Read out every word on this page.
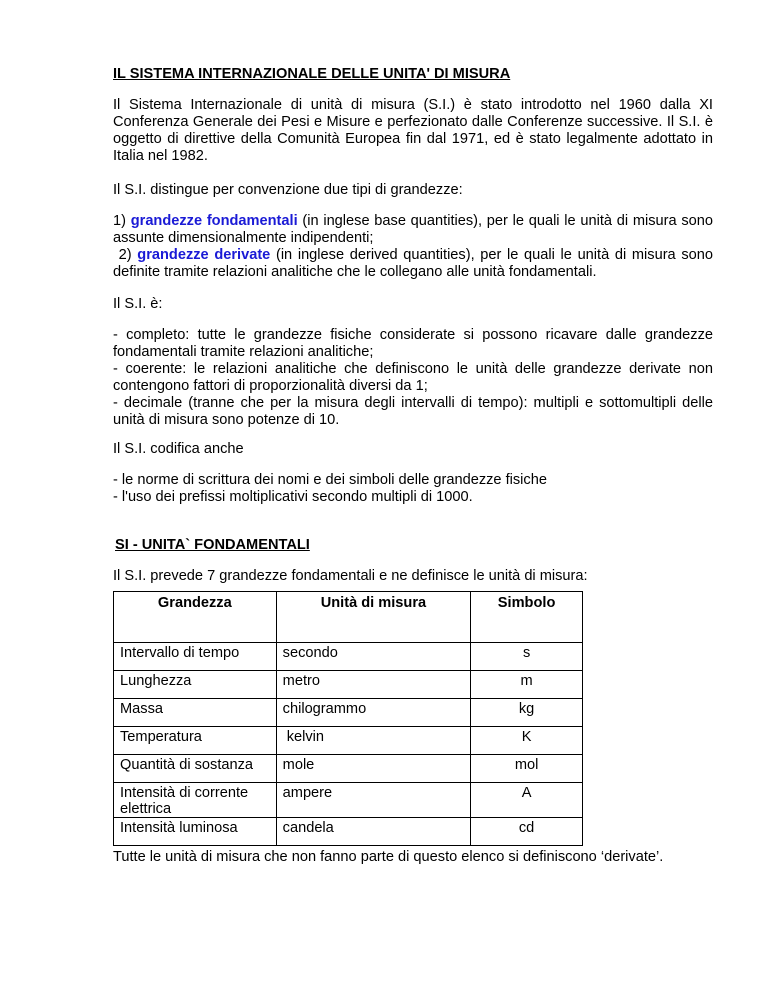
IL SISTEMA INTERNAZIONALE DELLE UNITA' DI MISURA

Il Sistema Internazionale di unità di misura (S.I.) è stato introdotto nel 1960 dalla XI Conferenza Generale dei Pesi e Misure e perfezionato dalle Conferenze successive. Il S.I. è oggetto di direttive della Comunità Europea fin dal 1971, ed è stato legalmente adottato in Italia nel 1982.

Il S.I. distingue per convenzione due tipi di grandezze:

1) grandezze fondamentali (in inglese base quantities), per le quali le unità di misura sono assunte dimensionalmente indipendenti;

2) grandezze derivate (in inglese derived quantities), per le quali le unità di misura sono definite tramite relazioni analitiche che le collegano alle unità fondamentali.

Il S.I. è:

- completo: tutte le grandezze fisiche considerate si possono ricavare dalle grandezze fondamentali tramite relazioni analitiche;
- coerente: le relazioni analitiche che definiscono le unità delle grandezze derivate non contengono fattori di proporzionalità diversi da 1;
- decimale (tranne che per la misura degli intervalli di tempo): multipli e sottomultipli delle unità di misura sono potenze di 10.

Il S.I. codifica anche

- le norme di scrittura dei nomi e dei simboli delle grandezze fisiche
- l'uso dei prefissi moltiplicativi secondo multipli di 1000.

SI - UNITA` FONDAMENTALI

Il S.I. prevede 7 grandezze fondamentali e ne definisce le unità di misura:

Grandezza	Unità di misura	Simbolo
Intervallo di tempo	secondo	s
Lunghezza	metro	m
Massa	chilogrammo	kg
Temperatura	kelvin	K
Quantità di sostanza	mole	mol
Intensità di corrente elettrica	ampere	A
Intensità luminosa	candela	cd

Tutte le unità di misura che non fanno parte di questo elenco si definiscono ‘derivate’.
